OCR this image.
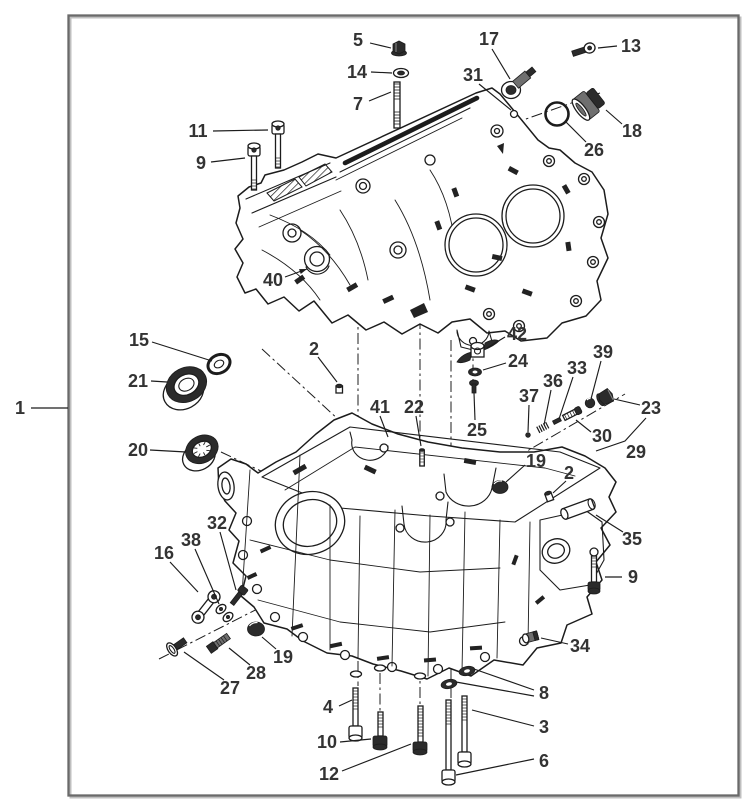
1
5
14
7
11
9
17	13
31
18
26
40
15
21
2
20
41 22
42
24
25
37
36
33
39
23
30
29
19
2
35
9
16
38
32
27
28
19
34
8
3
6
4
10
12
